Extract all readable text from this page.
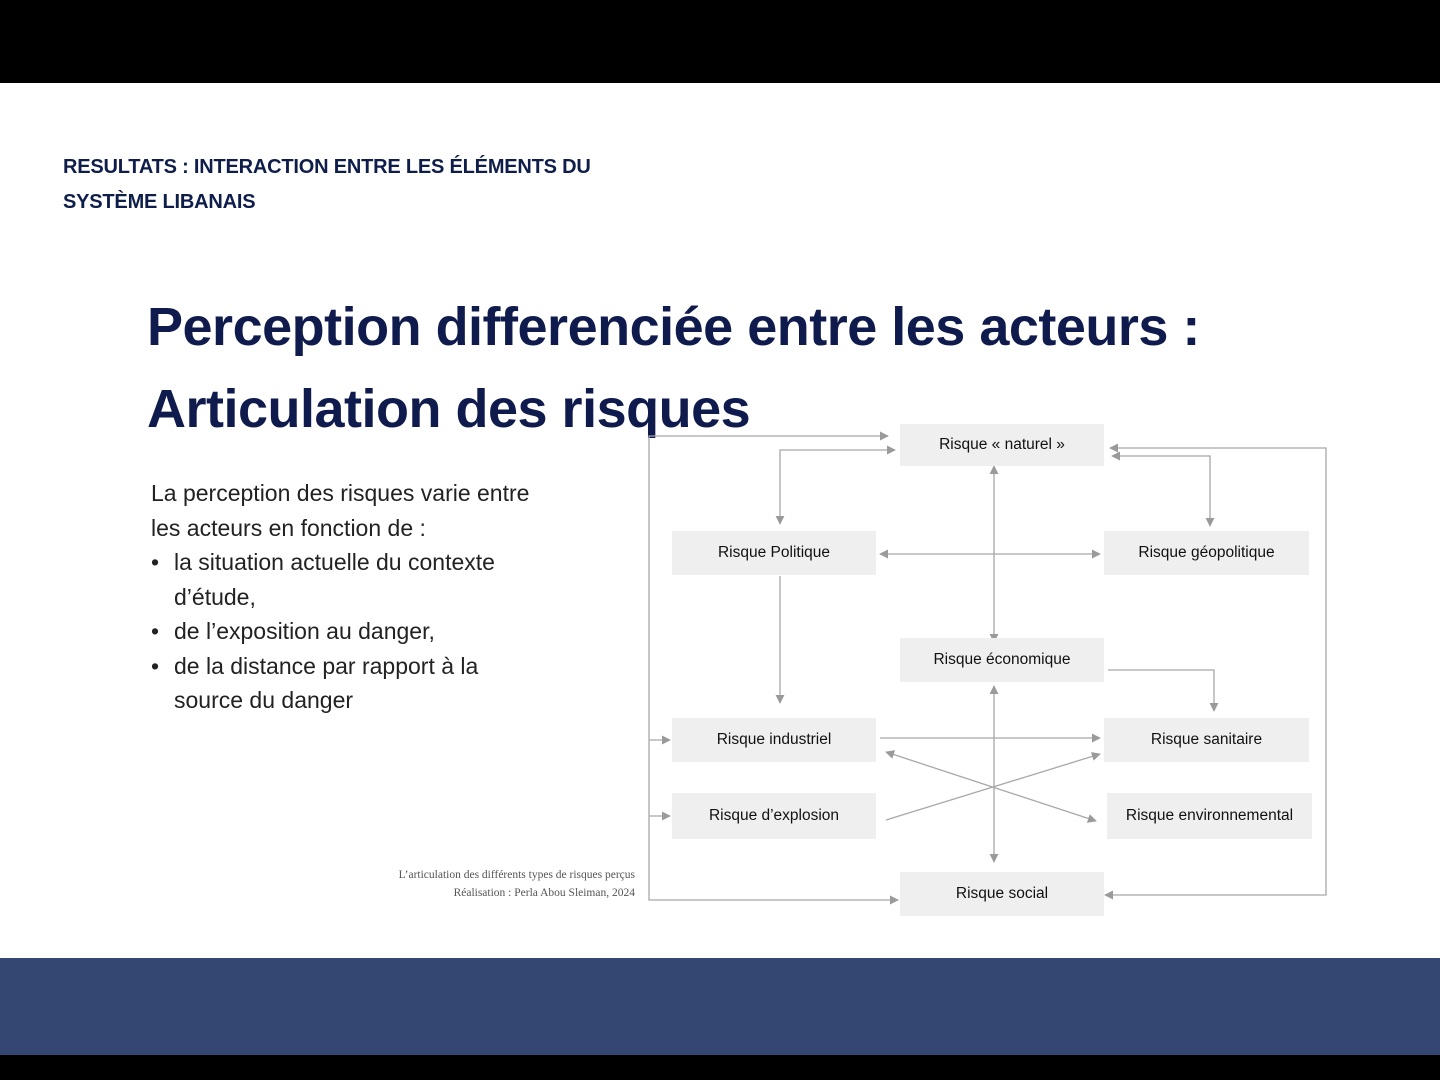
RESULTATS : INTERACTION ENTRE LES ÉLÉMENTS DU
SYSTÈME LIBANAIS
Perception differenciée entre les acteurs :
Articulation des risques

La perception des risques varie entre les acteurs en fonction de :

• la situation actuelle du contexte d’étude,
• de l’exposition au danger,
• de la distance par rapport à la source du danger
L’articulation des différents types de risques perçus
Réalisation : Perla Abou Sleiman, 2024
Risque « naturel »
Risque Politique	Risque géopolitique
Risque économique
Risque industriel	Risque sanitaire
Risque d’explosion	Risque environnemental
Risque social
